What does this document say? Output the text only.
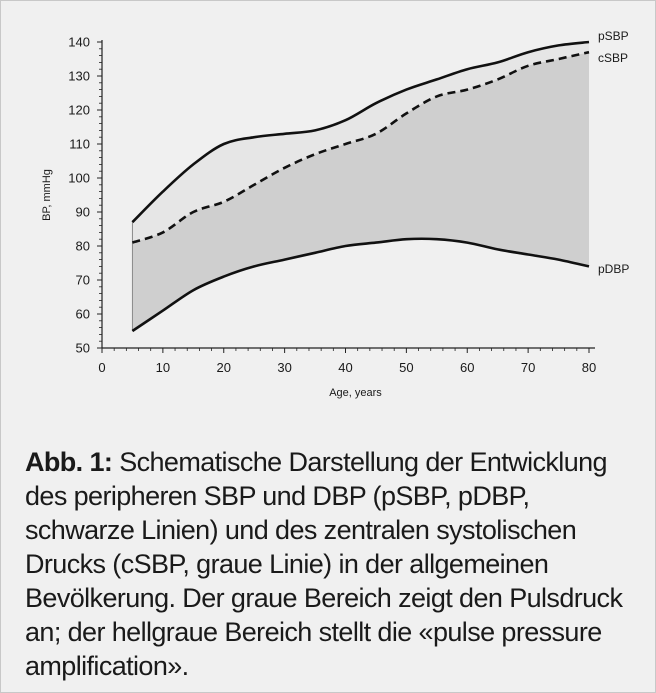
50
60
70
80
90
100
110
120
130
140
0	10	20	30	40	50	60	70	80
Age, years
BP, mmHg
pSBP
cSBP
pDBP
Abb. 1: Schematische Darstellung der Entwicklung des peripheren SBP und DBP (pSBP, pDBP, schwarze Linien) und des zentralen systolischen Drucks (cSBP, graue Linie) in der allgemeinen Bevölkerung. Der graue Bereich zeigt den Pulsdruck an; der hellgraue Bereich stellt die «pulse pressure amplification».
